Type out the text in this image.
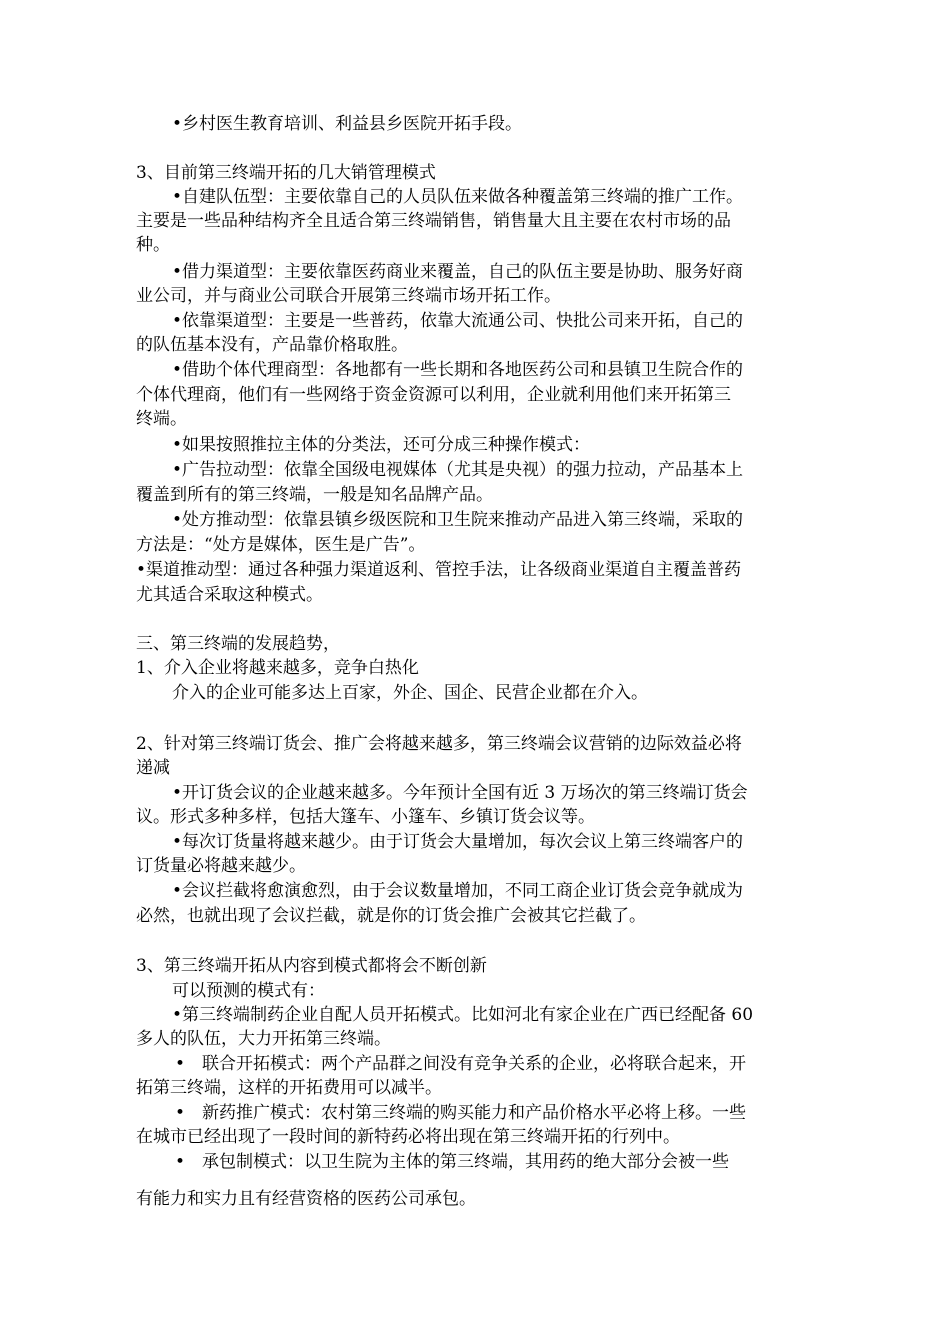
•乡村医生教育培训、利益县乡医院开拓手段。
3、目前第三终端开拓的几大销管理模式
•自建队伍型：主要依靠自己的人员队伍来做各种覆盖第三终端的推广工作。
主要是一些品种结构齐全且适合第三终端销售，销售量大且主要在农村市场的品
种。
•借力渠道型：主要依靠医药商业来覆盖，自己的队伍主要是协助、服务好商
业公司，并与商业公司联合开展第三终端市场开拓工作。
•依靠渠道型：主要是一些普药，依靠大流通公司、快批公司来开拓，自己的
的队伍基本没有，产品靠价格取胜。
•借助个体代理商型：各地都有一些长期和各地医药公司和县镇卫生院合作的
个体代理商，他们有一些网络于资金资源可以利用，企业就利用他们来开拓第三
终端。
•如果按照推拉主体的分类法，还可分成三种操作模式：
•广告拉动型：依靠全国级电视媒体（尤其是央视）的强力拉动，产品基本上
覆盖到所有的第三终端，一般是知名品牌产品。
•处方推动型：依靠县镇乡级医院和卫生院来推动产品进入第三终端，采取的
方法是：“处方是媒体，医生是广告”。
•渠道推动型：通过各种强力渠道返利、管控手法，让各级商业渠道自主覆盖普药
尤其适合采取这种模式。
三、第三终端的发展趋势，
1、介入企业将越来越多，竞争白热化
介入的企业可能多达上百家，外企、国企、民营企业都在介入。
2、针对第三终端订货会、推广会将越来越多，第三终端会议营销的边际效益必将
递减
•开订货会议的企业越来越多。今年预计全国有近 3 万场次的第三终端订货会
议。形式多种多样，包括大篷车、小篷车、乡镇订货会议等。
•每次订货量将越来越少。由于订货会大量增加，每次会议上第三终端客户的
订货量必将越来越少。
•会议拦截将愈演愈烈，由于会议数量增加，不同工商企业订货会竞争就成为
必然，也就出现了会议拦截，就是你的订货会推广会被其它拦截了。
3、第三终端开拓从内容到模式都将会不断创新
可以预测的模式有：
•第三终端制药企业自配人员开拓模式。比如河北有家企业在广西已经配备 60
多人的队伍，大力开拓第三终端。
•　联合开拓模式：两个产品群之间没有竞争关系的企业，必将联合起来，开
拓第三终端，这样的开拓费用可以减半。
•　新药推广模式：农村第三终端的购买能力和产品价格水平必将上移。一些
在城市已经出现了一段时间的新特药必将出现在第三终端开拓的行列中。
•　承包制模式：以卫生院为主体的第三终端，其用药的绝大部分会被一些
有能力和实力且有经营资格的医药公司承包。
